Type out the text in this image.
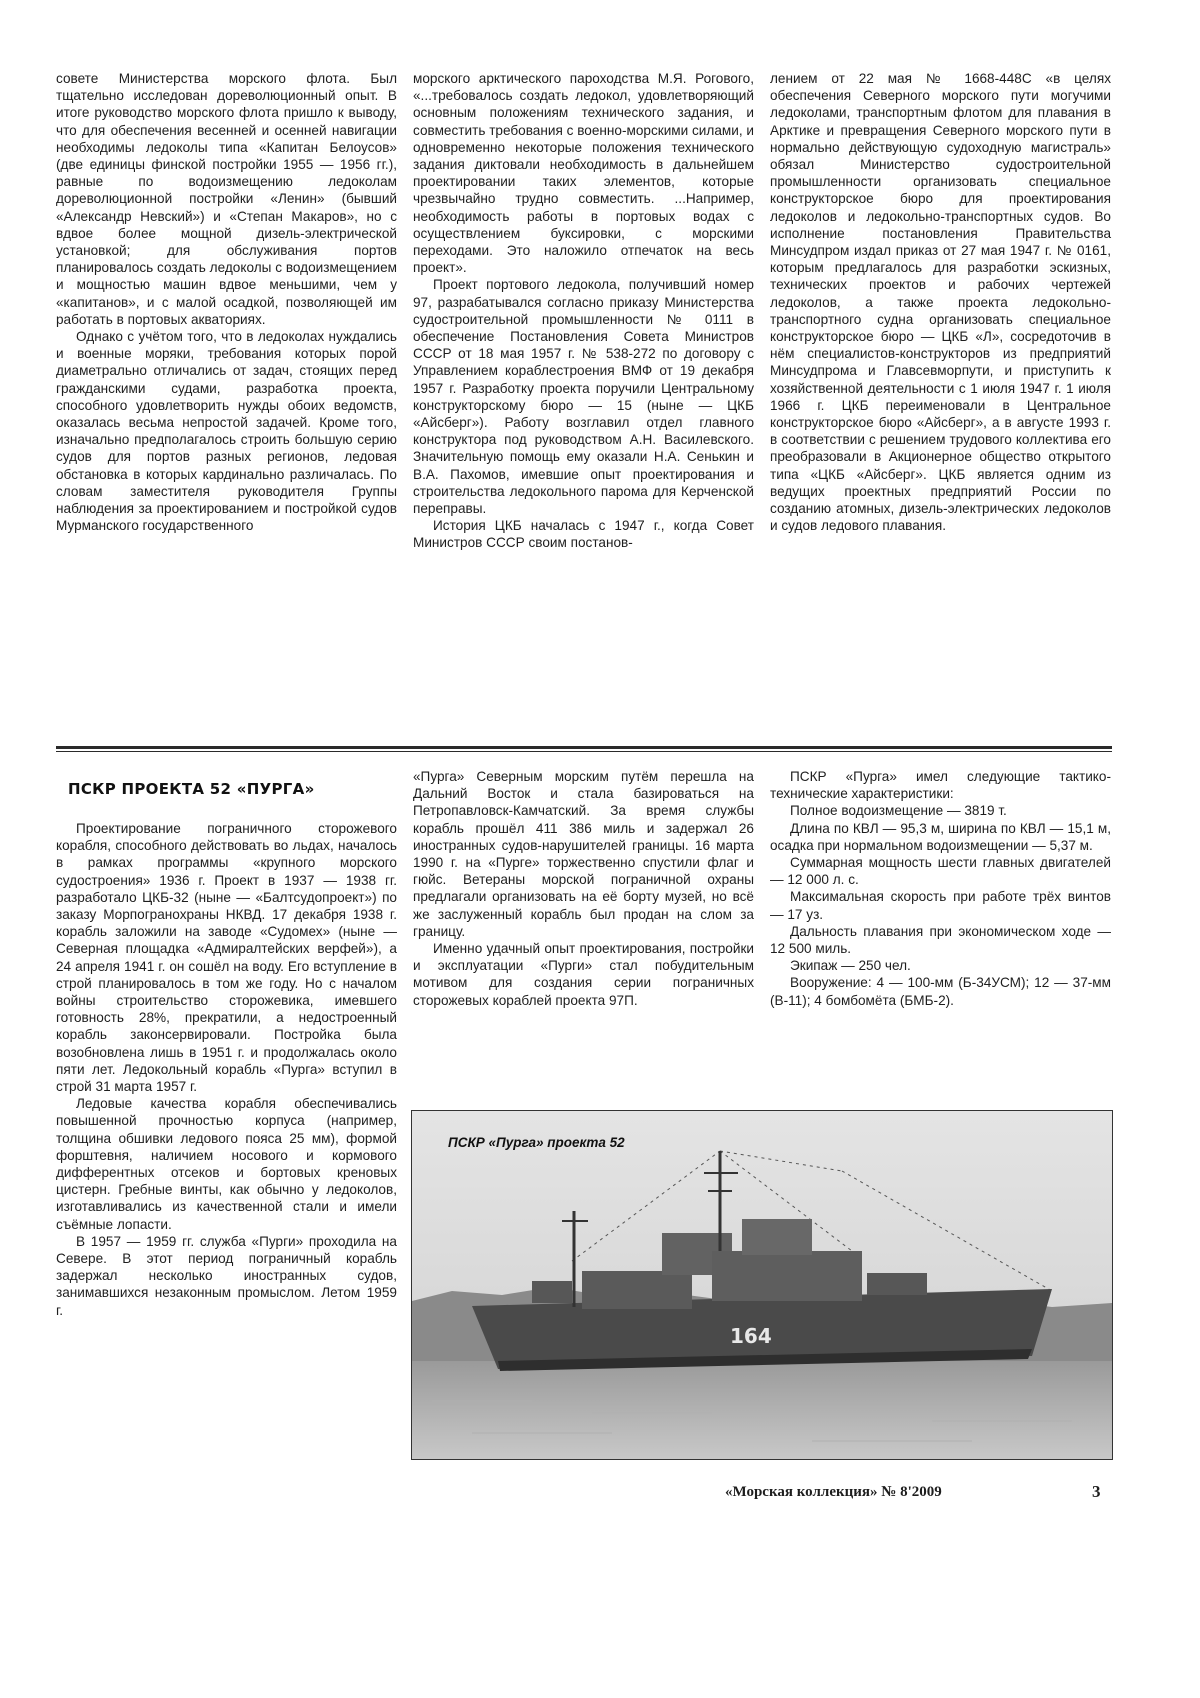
совете Министерства морского флота. Был тщательно исследован дореволюционный опыт. В итоге руководство морского флота пришло к выводу, что для обеспечения весенней и осенней навигации необходимы ледоколы типа «Капитан Белоусов» (две единицы финской постройки 1955 — 1956 гг.), равные по водоизмещению ледоколам дореволюционной постройки «Ленин» (бывший «Александр Невский») и «Степан Макаров», но с вдвое более мощной дизель-электрической установкой; для обслуживания портов планировалось создать ледоколы с водоизмещением и мощностью машин вдвое меньшими, чем у «капитанов», и с малой осадкой, позволяющей им работать в портовых акваториях.

Однако с учётом того, что в ледоколах нуждались и военные моряки, требования которых порой диаметрально отличались от задач, стоящих перед гражданскими судами, разработка проекта, способного удовлетворить нужды обоих ведомств, оказалась весьма непростой задачей. Кроме того, изначально предполагалось строить большую серию судов для портов разных регионов, ледовая обстановка в которых кардинально различалась. По словам заместителя руководителя Группы наблюдения за проектированием и постройкой судов Мурманского государственного

морского арктического пароходства М.Я. Рогового, «...требовалось создать ледокол, удовлетворяющий основным положениям технического задания, и совместить требования с военно-морскими силами, и одновременно некоторые положения технического задания диктовали необходимость в дальнейшем проектировании таких элементов, которые чрезвычайно трудно совместить. ...Например, необходимость работы в портовых водах с осуществлением буксировки, с морскими переходами. Это наложило отпечаток на весь проект».

Проект портового ледокола, получивший номер 97, разрабатывался согласно приказу Министерства судостроительной промышленности № 0111 в обеспечение Постановления Совета Министров СССР от 18 мая 1957 г. № 538-272 по договору с Управлением кораблестроения ВМФ от 19 декабря 1957 г. Разработку проекта поручили Центральному конструкторскому бюро — 15 (ныне — ЦКБ «Айсберг»). Работу возглавил отдел главного конструктора под руководством А.Н. Василевского. Значительную помощь ему оказали Н.А. Сенькин и В.А. Пахомов, имевшие опыт проектирования и строительства ледокольного парома для Керченской переправы.

История ЦКБ началась с 1947 г., когда Совет Министров СССР своим постанов-

лением от 22 мая № 1668-448С «в целях обеспечения Северного морского пути могучими ледоколами, транспортным флотом для плавания в Арктике и превращения Северного морского пути в нормально действующую судоходную магистраль» обязал Министерство судостроительной промышленности организовать специальное конструкторское бюро для проектирования ледоколов и ледокольно-транспортных судов. Во исполнение постановления Правительства Минсудпром издал приказ от 27 мая 1947 г. № 0161, которым предлагалось для разработки эскизных, технических проектов и рабочих чертежей ледоколов, а также проекта ледокольно-транспортного судна организовать специальное конструкторское бюро — ЦКБ «Л», сосредоточив в нём специалистов-конструкторов из предприятий Минсудпрома и Главсевморпути, и приступить к хозяйственной деятельности с 1 июля 1947 г. 1 июля 1966 г. ЦКБ переименовали в Центральное конструкторское бюро «Айсберг», а в августе 1993 г. в соответствии с решением трудового коллектива его преобразовали в Акционерное общество открытого типа «ЦКБ «Айсберг». ЦКБ является одним из ведущих проектных предприятий России по созданию атомных, дизель-электрических ледоколов и судов ледового плавания.

ПСКР ПРОЕКТА 52 «ПУРГА»

Проектирование пограничного сторожевого корабля, способного действовать во льдах, началось в рамках программы «крупного морского судостроения» 1936 г. Проект в 1937 — 1938 гг. разработало ЦКБ-32 (ныне — «Балтсудопроект») по заказу Морпогранохраны НКВД. 17 декабря 1938 г. корабль заложили на заводе «Судомех» (ныне — Северная площадка «Адмиралтейских верфей»), а 24 апреля 1941 г. он сошёл на воду. Его вступление в строй планировалось в том же году. Но с началом войны строительство сторожевика, имевшего готовность 28%, прекратили, а недостроенный корабль законсервировали. Постройка была возобновлена лишь в 1951 г. и продолжалась около пяти лет. Ледокольный корабль «Пурга» вступил в строй 31 марта 1957 г.

Ледовые качества корабля обеспечивались повышенной прочностью корпуса (например, толщина обшивки ледового пояса 25 мм), формой форштевня, наличием носового и кормового дифферентных отсеков и бортовых креновых цистерн. Гребные винты, как обычно у ледоколов, изготавливались из качественной стали и имели съёмные лопасти.

В 1957 — 1959 гг. служба «Пурги» проходила на Севере. В этот период пограничный корабль задержал несколько иностранных судов, занимавшихся незаконным промыслом. Летом 1959 г.

«Пурга» Северным морским путём перешла на Дальний Восток и стала базироваться на Петропавловск-Камчатский. За время службы корабль прошёл 411 386 миль и задержал 26 иностранных судов-нарушителей границы. 16 марта 1990 г. на «Пурге» торжественно спустили флаг и гюйс. Ветераны морской пограничной охраны предлагали организовать на её борту музей, но всё же заслуженный корабль был продан на слом за границу.

Именно удачный опыт проектирования, постройки и эксплуатации «Пурги» стал побудительным мотивом для создания серии пограничных сторожевых кораблей проекта 97П.

ПСКР «Пурга» имел следующие тактико-технические характеристики:

Полное водоизмещение — 3819 т.

Длина по КВЛ — 95,3 м, ширина по КВЛ — 15,1 м, осадка при нормальном водоизмещении — 5,37 м.

Суммарная мощность шести главных двигателей — 12 000 л. с.

Максимальная скорость при работе трёх винтов — 17 уз.

Дальность плавания при экономическом ходе — 12 500 миль.

Экипаж — 250 чел.

Вооружение: 4 — 100-мм (Б-34УСМ); 12 — 37-мм (В-11); 4 бомбомёта (БМБ-2).

164
ПСКР «Пурга» проекта 52
«Морская коллекция» № 8'2009	3
